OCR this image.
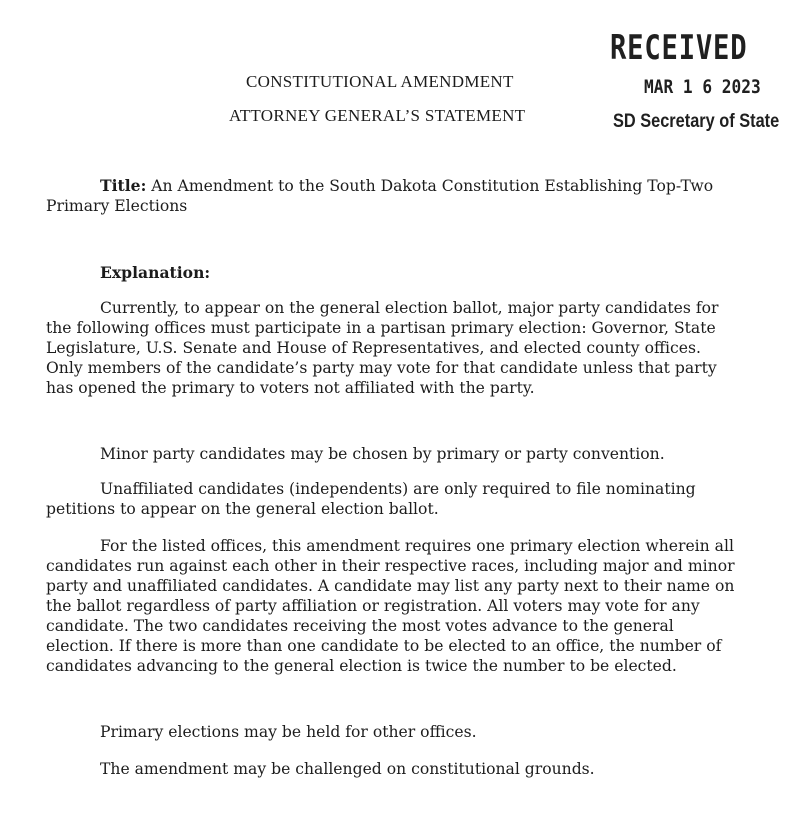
CONSTITUTIONAL AMENDMENT
ATTORNEY GENERAL’S STATEMENT
RECEIVED
MAR 1 6 2023
SD Secretary of State
Title: An Amendment to the South Dakota Constitution Establishing Top-Two Primary Elections
Explanation:
Currently, to appear on the general election ballot, major party candidates for the following offices must participate in a partisan primary election: Governor, State Legislature, U.S. Senate and House of Representatives, and elected county offices. Only members of the candidate’s party may vote for that candidate unless that party has opened the primary to voters not affiliated with the party.
Minor party candidates may be chosen by primary or party convention.
Unaffiliated candidates (independents) are only required to file nominating petitions to appear on the general election ballot.
For the listed offices, this amendment requires one primary election wherein all candidates run against each other in their respective races, including major and minor party and unaffiliated candidates. A candidate may list any party next to their name on the ballot regardless of party affiliation or registration. All voters may vote for any candidate. The two candidates receiving the most votes advance to the general election. If there is more than one candidate to be elected to an office, the number of candidates advancing to the general election is twice the number to be elected.
Primary elections may be held for other offices.
The amendment may be challenged on constitutional grounds.
